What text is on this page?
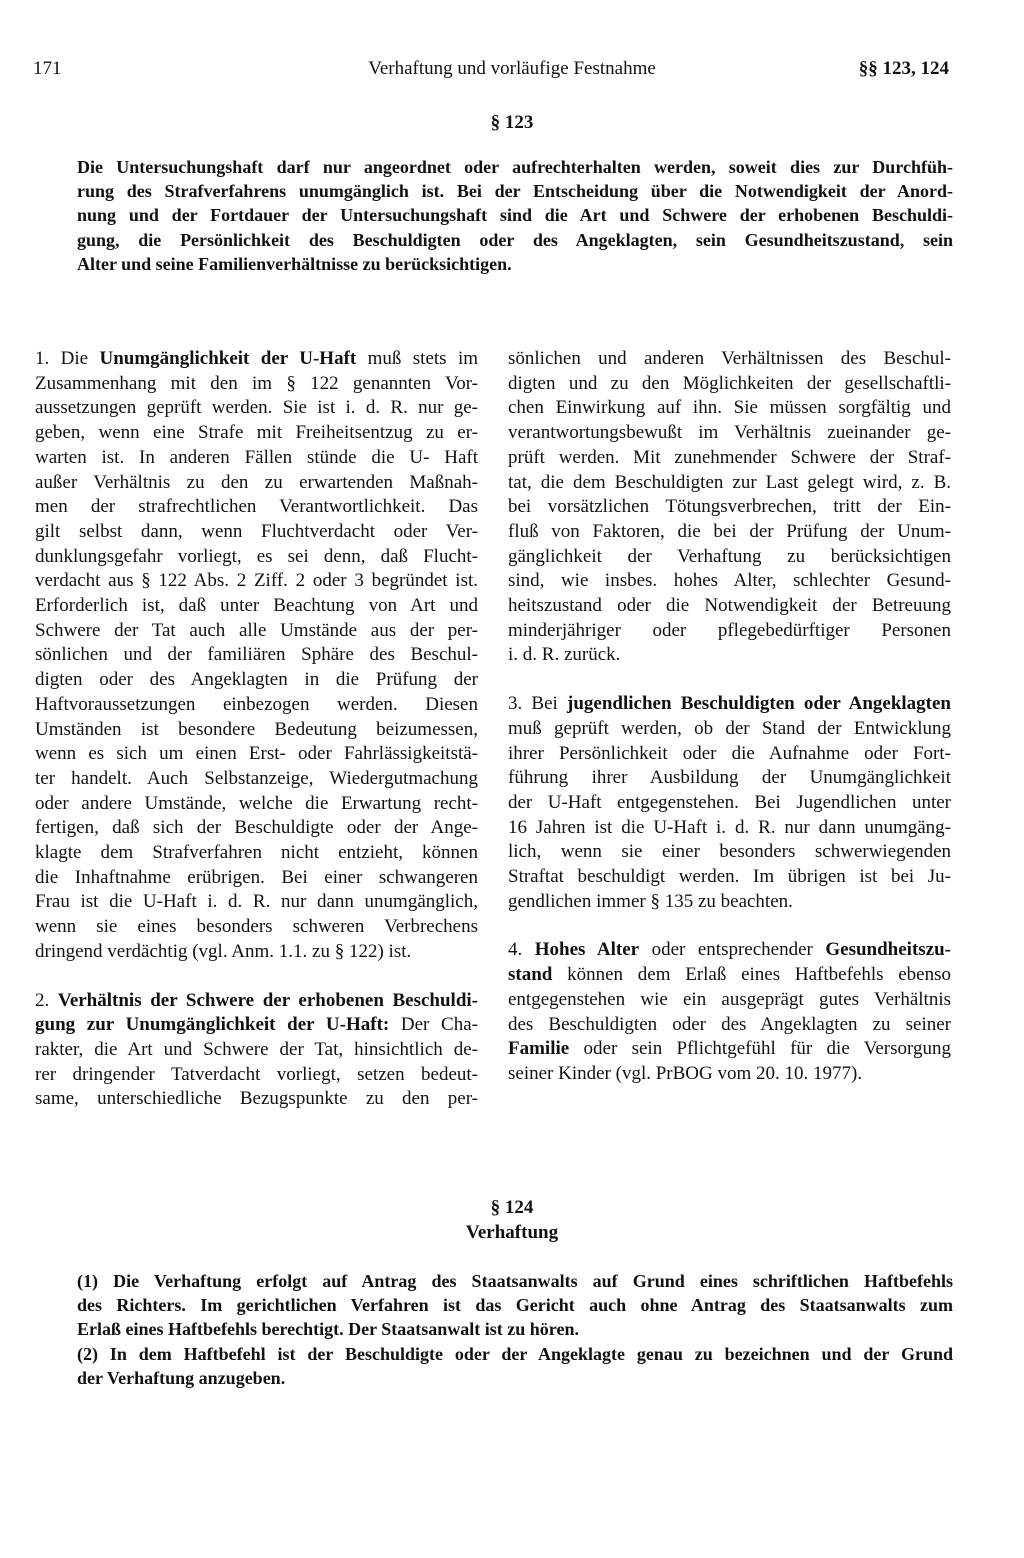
171	Verhaftung und vorläufige Festnahme	§§ 123, 124
§ 123
Die Untersuchungshaft darf nur angeordnet oder aufrechterhalten werden, soweit dies zur Durchfüh-
rung des Strafverfahrens unumgänglich ist. Bei der Entscheidung über die Notwendigkeit der Anord-
nung und der Fortdauer der Untersuchungshaft sind die Art und Schwere der erhobenen Beschuldi-
gung, die Persönlichkeit des Beschuldigten oder des Angeklagten, sein Gesundheitszustand, sein
Alter und seine Familienverhältnisse zu berücksichtigen.
1. Die Unumgänglichkeit der U-Haft muß stets im
Zusammenhang mit den im § 122 genannten Vor-
aussetzungen geprüft werden. Sie ist i. d. R. nur ge-
geben, wenn eine Strafe mit Freiheitsentzug zu er-
warten ist. In anderen Fällen stünde die U- Haft
außer Verhältnis zu den zu erwartenden Maßnah-
men der strafrechtlichen Verantwortlichkeit. Das
gilt selbst dann, wenn Fluchtverdacht oder Ver-
dunklungsgefahr vorliegt, es sei denn, daß Flucht-
verdacht aus § 122 Abs. 2 Ziff. 2 oder 3 begründet ist.
Erforderlich ist, daß unter Beachtung von Art und
Schwere der Tat auch alle Umstände aus der per-
sönlichen und der familiären Sphäre des Beschul-
digten oder des Angeklagten in die Prüfung der
Haftvoraussetzungen einbezogen werden. Diesen
Umständen ist besondere Bedeutung beizumessen,
wenn es sich um einen Erst- oder Fahrlässigkeitstä-
ter handelt. Auch Selbstanzeige, Wiedergutmachung
oder andere Umstände, welche die Erwartung recht-
fertigen, daß sich der Beschuldigte oder der Ange-
klagte dem Strafverfahren nicht entzieht, können
die Inhaftnahme erübrigen. Bei einer schwangeren
Frau ist die U-Haft i. d. R. nur dann unumgänglich,
wenn sie eines besonders schweren Verbrechens
dringend verdächtig (vgl. Anm. 1.1. zu § 122) ist.
2. Verhältnis der Schwere der erhobenen Beschuldi-
gung zur Unumgänglichkeit der U-Haft: Der Cha-
rakter, die Art und Schwere der Tat, hinsichtlich de-
rer dringender Tatverdacht vorliegt, setzen bedeut-
same, unterschiedliche Bezugspunkte zu den per-
sönlichen und anderen Verhältnissen des Beschul-
digten und zu den Möglichkeiten der gesellschaftli-
chen Einwirkung auf ihn. Sie müssen sorgfältig und
verantwortungsbewußt im Verhältnis zueinander ge-
prüft werden. Mit zunehmender Schwere der Straf-
tat, die dem Beschuldigten zur Last gelegt wird, z. B.
bei vorsätzlichen Tötungsverbrechen, tritt der Ein-
fluß von Faktoren, die bei der Prüfung der Unum-
gänglichkeit der Verhaftung zu berücksichtigen
sind, wie insbes. hohes Alter, schlechter Gesund-
heitszustand oder die Notwendigkeit der Betreuung
minderjähriger oder pflegebedürftiger Personen
i. d. R. zurück.
3. Bei jugendlichen Beschuldigten oder Angeklagten
muß geprüft werden, ob der Stand der Entwicklung
ihrer Persönlichkeit oder die Aufnahme oder Fort-
führung ihrer Ausbildung der Unumgänglichkeit
der U-Haft entgegenstehen. Bei Jugendlichen unter
16 Jahren ist die U-Haft i. d. R. nur dann unumgäng-
lich, wenn sie einer besonders schwerwiegenden
Straftat beschuldigt werden. Im übrigen ist bei Ju-
gendlichen immer § 135 zu beachten.
4. Hohes Alter oder entsprechender Gesundheitszu-
stand können dem Erlaß eines Haftbefehls ebenso
entgegenstehen wie ein ausgeprägt gutes Verhältnis
des Beschuldigten oder des Angeklagten zu seiner
Familie oder sein Pflichtgefühl für die Versorgung
seiner Kinder (vgl. PrBOG vom 20. 10. 1977).
§ 124
Verhaftung
(1) Die Verhaftung erfolgt auf Antrag des Staatsanwalts auf Grund eines schriftlichen Haftbefehls
des Richters. Im gerichtlichen Verfahren ist das Gericht auch ohne Antrag des Staatsanwalts zum
Erlaß eines Haftbefehls berechtigt. Der Staatsanwalt ist zu hören.
(2) In dem Haftbefehl ist der Beschuldigte oder der Angeklagte genau zu bezeichnen und der Grund
der Verhaftung anzugeben.
